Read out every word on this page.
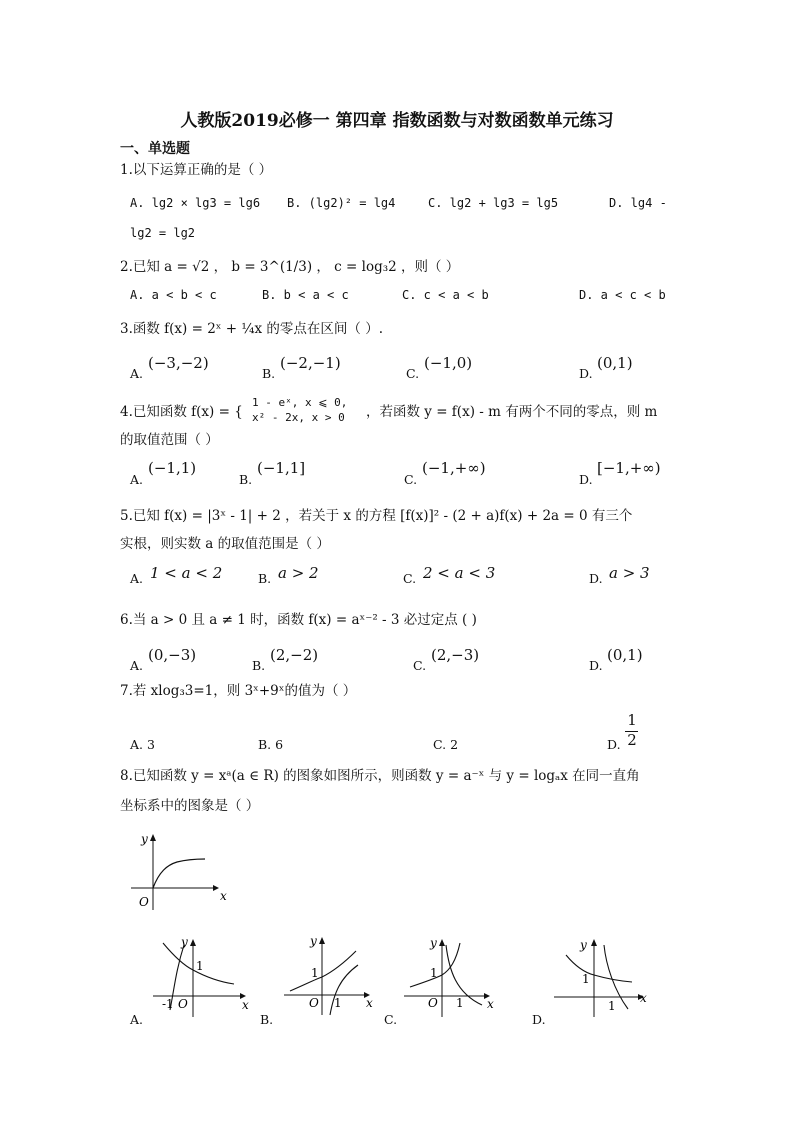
人教版2019必修一 第四章 指数函数与对数函数单元练习
一、单选题
1.以下运算正确的是（ ）
A. lg2 × lg3 = lg6 B. (lg2)² = lg4	C. lg2 + lg3 = lg5	D. lg4 -
lg2 = lg2
2.已知 a = √2 ， b = 3^(1/3) ， c = log₃2 ，则（ ）
A. a < b < c	B. b < a < c	C. c < a < b	D. a < c < b
3.函数 f(x) = 2ˣ + ¼x 的零点在区间（ ）.
A.
(−3,−2)
B.
(−2,−1)
C.
(−1,0)
D.
(0,1)
4.已知函数 f(x) = {
1 - eˣ, x ⩽ 0,
x² - 2x, x > 0 ，若函数 y = f(x) - m 有两个不同的零点，则 m
的取值范围（ ）
A.
(−1,1)
B.
(−1,1]
C.
(−1,+∞)
D.
[−1,+∞)
5.已知 f(x) = |3ˣ - 1| + 2 ，若关于 x 的方程 [f(x)]² - (2 + a)f(x) + 2a = 0 有三个
实根，则实数 a 的取值范围是（ ）
A. 1 < a < 2	B. a > 2	C. 2 < a < 3	D. a > 3
6.当 a > 0 且 a ≠ 1 时，函数 f(x) = aˣ⁻² - 3 必过定点 ( )
A.
(0,−3)
B.
(2,−2)
C.
(2,−3)
D.
(0,1)
7.若 xlog₃3=1，则 3ˣ+9ˣ的值为（ ）
A. 3	B. 6	C. 2	D.
1
2
8.已知函数 y = xᵃ(a ∈ R) 的图象如图所示，则函数 y = a⁻ˣ 与 y = logₐx 在同一直角
坐标系中的图象是（ ）
y
x
O
y
x
O
1
-1
A.
y
x
O
1
1
B.
y
x
O
1
1
C.
y
x
1
1
D.
